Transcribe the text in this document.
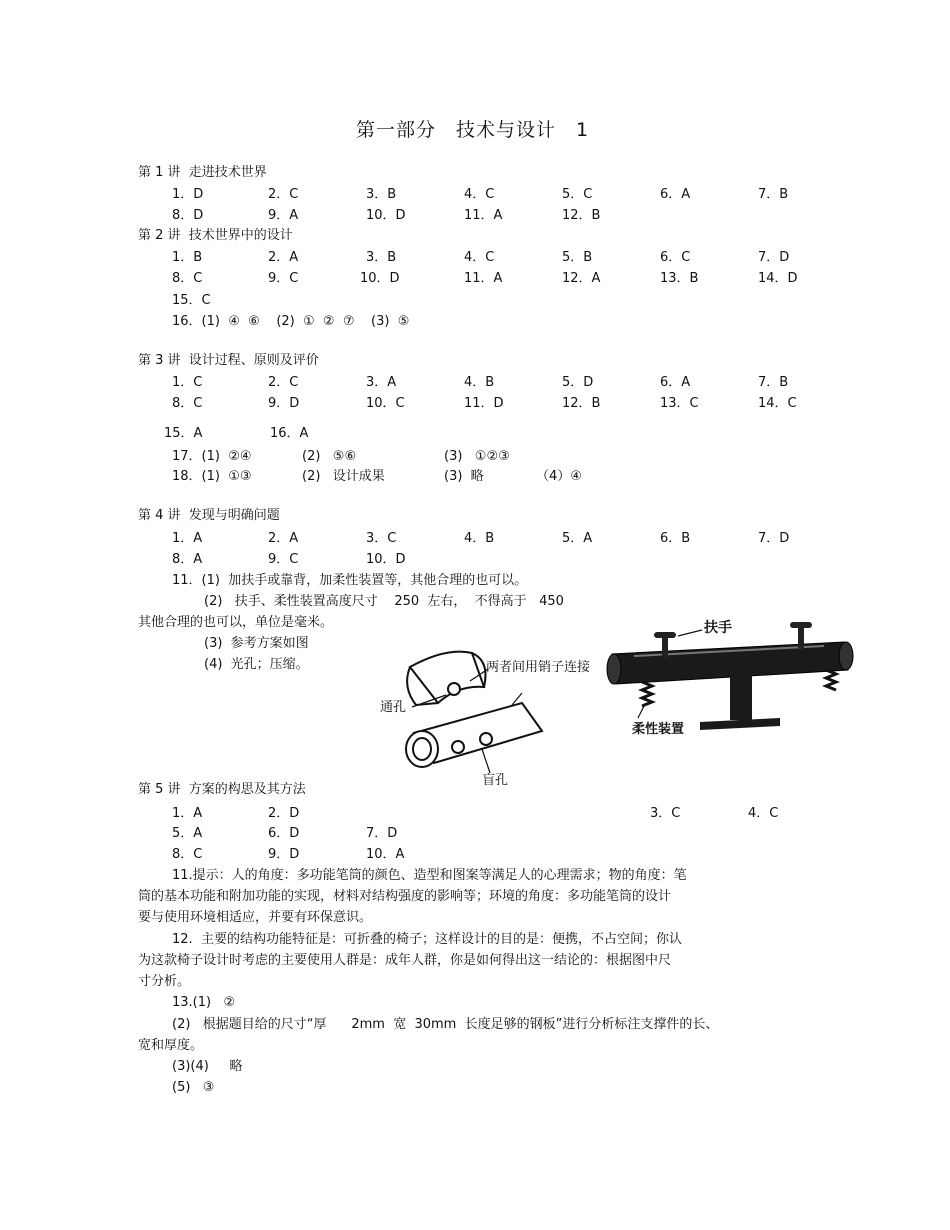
第一部分　技术与设计　1
第 1 讲  走进技术世界
1．D	2．C	3．B	4．C	5．C	6．A	7．B
8．D	9．A	10．D	11．A	12．B
第 2 讲  技术世界中的设计
1．B	2．A	3．B	4．C	5．B	6．C	7．D
8．C	9．C	10．D	11．A	12．A	13．B	14．D
15．C
16．(1)  ④  ⑥    (2)  ①  ②  ⑦    (3)  ⑤
第 3 讲  设计过程、原则及评价
1．C	2．C	3．A	4．B	5．D	6．A	7．B
8．C	9．D	10．C	11．D	12．B	13．C	14．C
15．A	16．A
17．(1)  ②④	(2)   ⑤⑥	(3)   ①②③
18．(1)  ①③	(2)   设计成果	(3)  略	（4）④
第 4 讲  发现与明确问题
1．A	2．A	3．C	4．B	5．A	6．B	7．D
8．A	9．C	10．D
11．(1)  加扶手或靠背，加柔性装置等，其他合理的也可以。
(2)   扶手、柔性装置高度尺寸    250  左右，  不得高于   450
其他合理的也可以，单位是毫米。
(3)  参考方案如图
(4)  光孔；压缩。	两者间用销子连接
通孔
盲孔
扶手
柔性装置
第 5 讲  方案的构思及其方法
1．A	2．D	3．C	4．C
5．A	6．D	7．D
8．C	9．D	10．A
11.提示：人的角度：多功能笔筒的颜色、造型和图案等满足人的心理需求；物的角度：笔
筒的基本功能和附加功能的实现，材料对结构强度的影响等；环境的角度：多功能笔筒的设计
要与使用环境相适应，并要有环保意识。
12.  主要的结构功能特征是：可折叠的椅子；这样设计的目的是：便携，不占空间；你认
为这款椅子设计时考虑的主要使用人群是：成年人群，你是如何得出这一结论的：根据图中尺
寸分析。
13.(1)   ②
(2)   根据题目给的尺寸“厚      2mm  宽  30mm  长度足够的钢板”进行分析标注支撑件的长、
宽和厚度。
(3)(4)     略
(5)   ③
